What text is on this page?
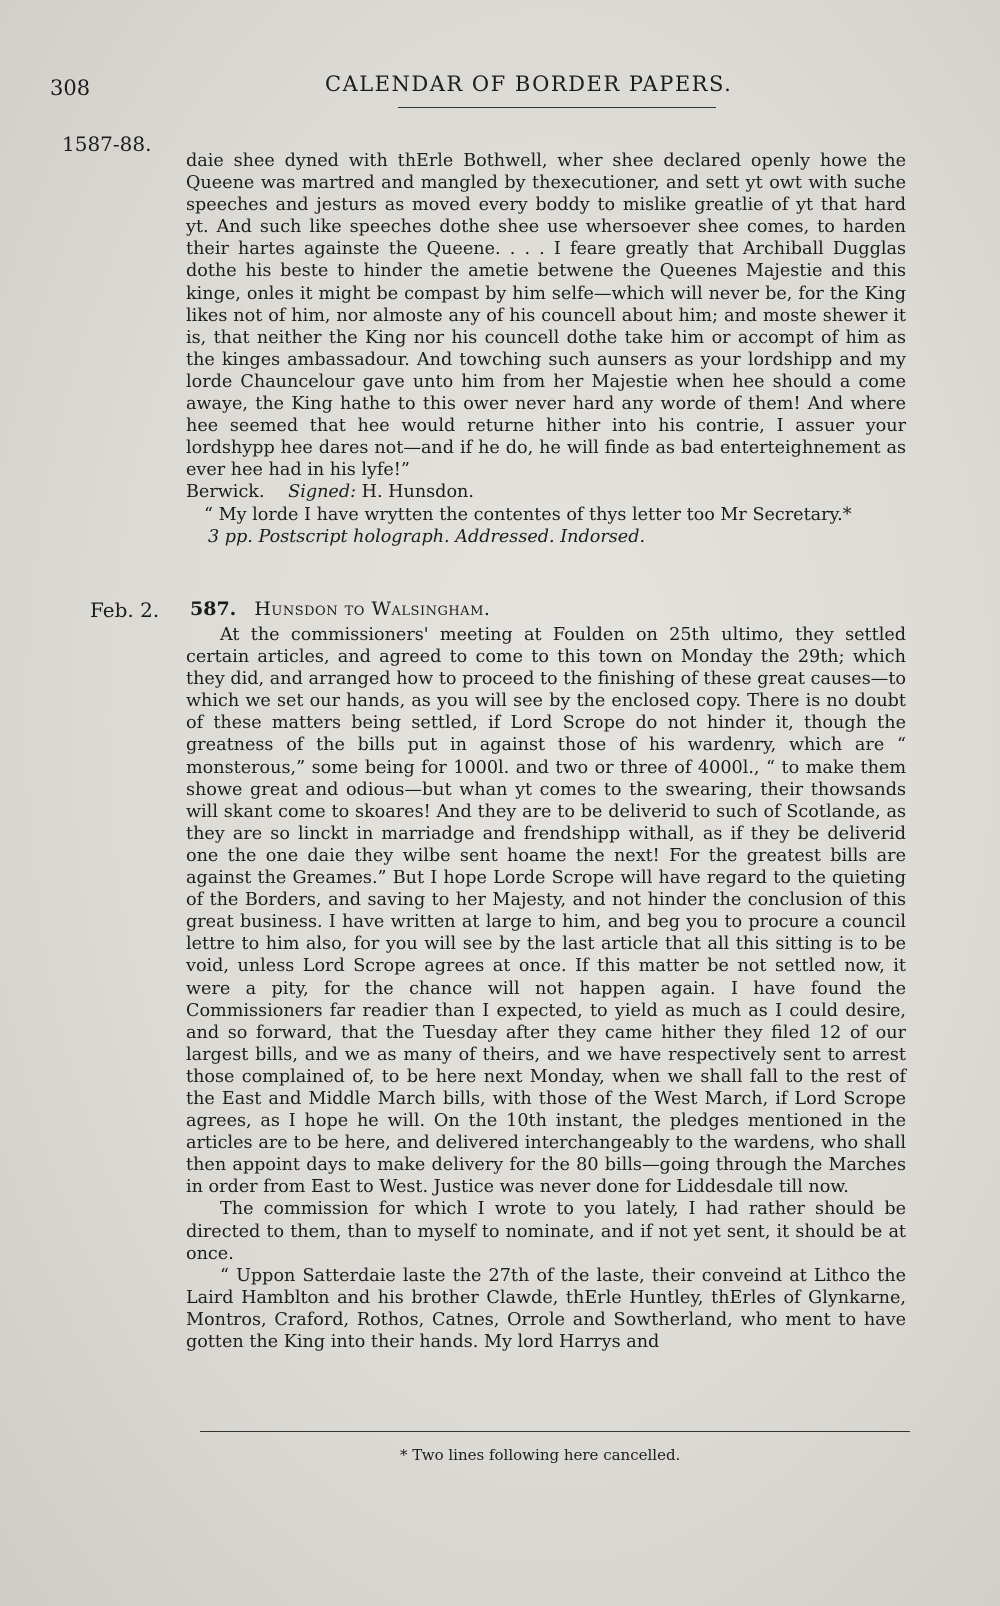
308	CALENDAR OF BORDER PAPERS.
1587-88.

daie shee dyned with thErle Bothwell, wher shee declared openly howe the Queene was martred and mangled by thexecutioner, and sett yt owt with suche speeches and jesturs as moved every boddy to mislike greatlie of yt that hard yt. And such like speeches dothe shee use whersoever shee comes, to harden their hartes againste the Queene. . . . I feare greatly that Archiball Dugglas dothe his beste to hinder the ametie betwene the Queenes Majestie and this kinge, onles it might be compast by him selfe—which will never be, for the King likes not of him, nor almoste any of his councell about him; and moste shewer it is, that neither the King nor his councell dothe take him or accompt of him as the kinges ambassadour. And towching such aunsers as your lordshipp and my lorde Chauncelour gave unto him from her Majestie when hee should a come awaye, the King hathe to this ower never hard any worde of them! And where hee seemed that hee would returne hither into his contrie, I assuer your lordshypp hee dares not—and if he do, he will finde as bad enterteighnement as ever hee had in his lyfe!”

Berwick. Signed: H. Hunsdon.

“ My lorde I have wrytten the contentes of thys letter too Mr Secretary.*

3 pp. Postscript holograph. Addressed. Indorsed.
Feb. 2. 587. Hunsdon to Walsingham.

At the commissioners' meeting at Foulden on 25th ultimo, they settled certain articles, and agreed to come to this town on Monday the 29th; which they did, and arranged how to proceed to the finishing of these great causes—to which we set our hands, as you will see by the enclosed copy. There is no doubt of these matters being settled, if Lord Scrope do not hinder it, though the greatness of the bills put in against those of his wardenry, which are “ monsterous,” some being for 1000l. and two or three of 4000l., “ to make them showe great and odious—but whan yt comes to the swearing, their thowsands will skant come to skoares! And they are to be deliverid to such of Scotlande, as they are so linckt in marriadge and frendshipp withall, as if they be deliverid one the one daie they wilbe sent hoame the next! For the greatest bills are against the Greames.” But I hope Lorde Scrope will have regard to the quieting of the Borders, and saving to her Majesty, and not hinder the conclusion of this great business. I have written at large to him, and beg you to procure a council lettre to him also, for you will see by the last article that all this sitting is to be void, unless Lord Scrope agrees at once. If this matter be not settled now, it were a pity, for the chance will not happen again. I have found the Commissioners far readier than I expected, to yield as much as I could desire, and so forward, that the Tuesday after they came hither they filed 12 of our largest bills, and we as many of theirs, and we have respectively sent to arrest those complained of, to be here next Monday, when we shall fall to the rest of the East and Middle March bills, with those of the West March, if Lord Scrope agrees, as I hope he will. On the 10th instant, the pledges mentioned in the articles are to be here, and delivered interchangeably to the wardens, who shall then appoint days to make delivery for the 80 bills—going through the Marches in order from East to West. Justice was never done for Liddesdale till now.

The commission for which I wrote to you lately, I had rather should be directed to them, than to myself to nominate, and if not yet sent, it should be at once.

“ Uppon Satterdaie laste the 27th of the laste, their conveind at Lithco the Laird Hamblton and his brother Clawde, thErle Huntley, thErles of Glynkarne, Montros, Craford, Rothos, Catnes, Orrole and Sowtherland, who ment to have gotten the King into their hands. My lord Harrys and

* Two lines following here cancelled.
